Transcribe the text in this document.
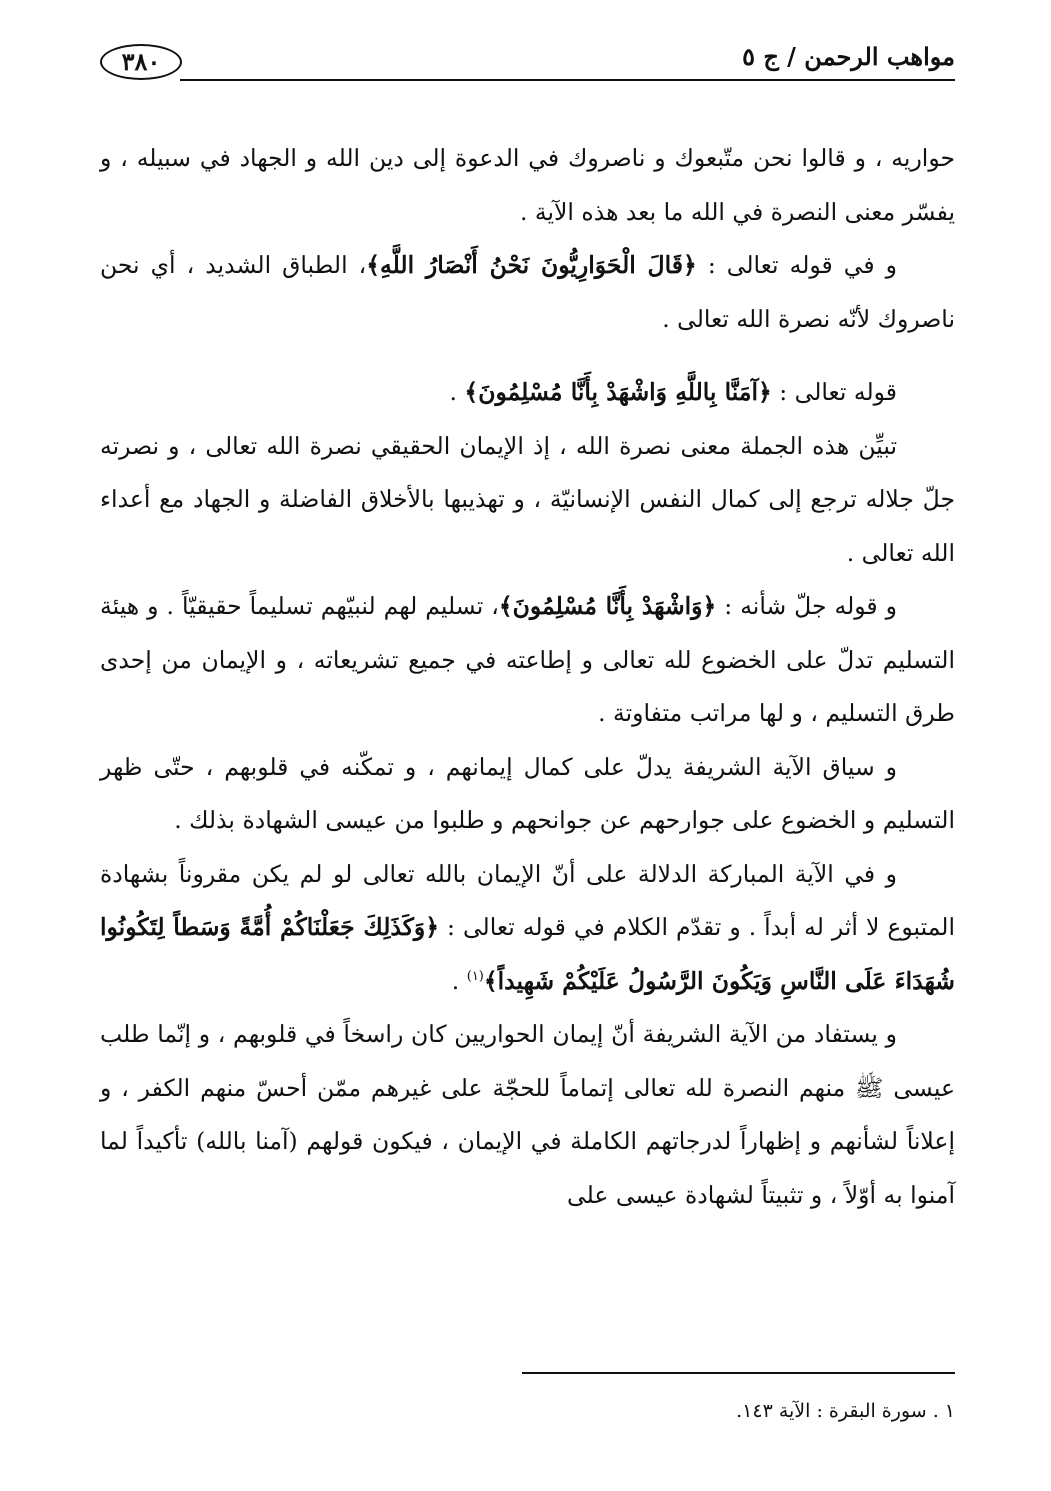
مواهب الرحمن / ج ٥
٣٨٠

حواريه ، و قالوا نحن متّبعوك و ناصروك في الدعوة إلى دين الله و الجهاد في سبيله ، و يفسّر معنى النصرة في الله ما بعد هذه الآية .

و في قوله تعالى : ﴿قَالَ الْحَوَارِيُّونَ نَحْنُ أَنْصَارُ اللَّهِ﴾، الطباق الشديد ، أي نحن ناصروك لأنّه نصرة الله تعالى .

قوله تعالى : ﴿آمَنَّا بِاللَّهِ وَاشْهَدْ بِأَنَّا مُسْلِمُونَ﴾ .

تبيِّن هذه الجملة معنى نصرة الله ، إذ الإيمان الحقيقي نصرة الله تعالى ، و نصرته جلّ جلاله ترجع إلى كمال النفس الإنسانيّة ، و تهذيبها بالأخلاق الفاضلة و الجهاد مع أعداء الله تعالى .

و قوله جلّ شأنه : ﴿وَاشْهَدْ بِأَنَّا مُسْلِمُونَ﴾، تسليم لهم لنبيّهم تسليماً حقيقيّاً . و هيئة التسليم تدلّ على الخضوع لله تعالى و إطاعته في جميع تشريعاته ، و الإيمان من إحدى طرق التسليم ، و لها مراتب متفاوتة .

و سياق الآية الشريفة يدلّ على كمال إيمانهم ، و تمكّنه في قلوبهم ، حتّى ظهر التسليم و الخضوع على جوارحهم عن جوانحهم و طلبوا من عيسى الشهادة بذلك .

و في الآية المباركة الدلالة على أنّ الإيمان بالله تعالى لو لم يكن مقروناً بشهادة المتبوع لا أثر له أبداً . و تقدّم الكلام في قوله تعالى : ﴿وَكَذَلِكَ جَعَلْنَاكُمْ أُمَّةً وَسَطاً لِتَكُونُوا شُهَدَاءَ عَلَى النَّاسِ وَيَكُونَ الرَّسُولُ عَلَيْكُمْ شَهِيداً﴾$^{(١)}$ .

و يستفاد من الآية الشريفة أنّ إيمان الحواريين كان راسخاً في قلوبهم ، و إنّما طلب عيسى ﷺ منهم النصرة لله تعالى إتماماً للحجّة على غيرهم ممّن أحسّ منهم الكفر ، و إعلاناً لشأنهم و إظهاراً لدرجاتهم الكاملة في الإيمان ، فيكون قولهم (آمنا بالله) تأكيداً لما آمنوا به أوّلاً ، و تثبيتاً لشهادة عيسى على

١ . سورة البقرة : الآية ١٤٣.
